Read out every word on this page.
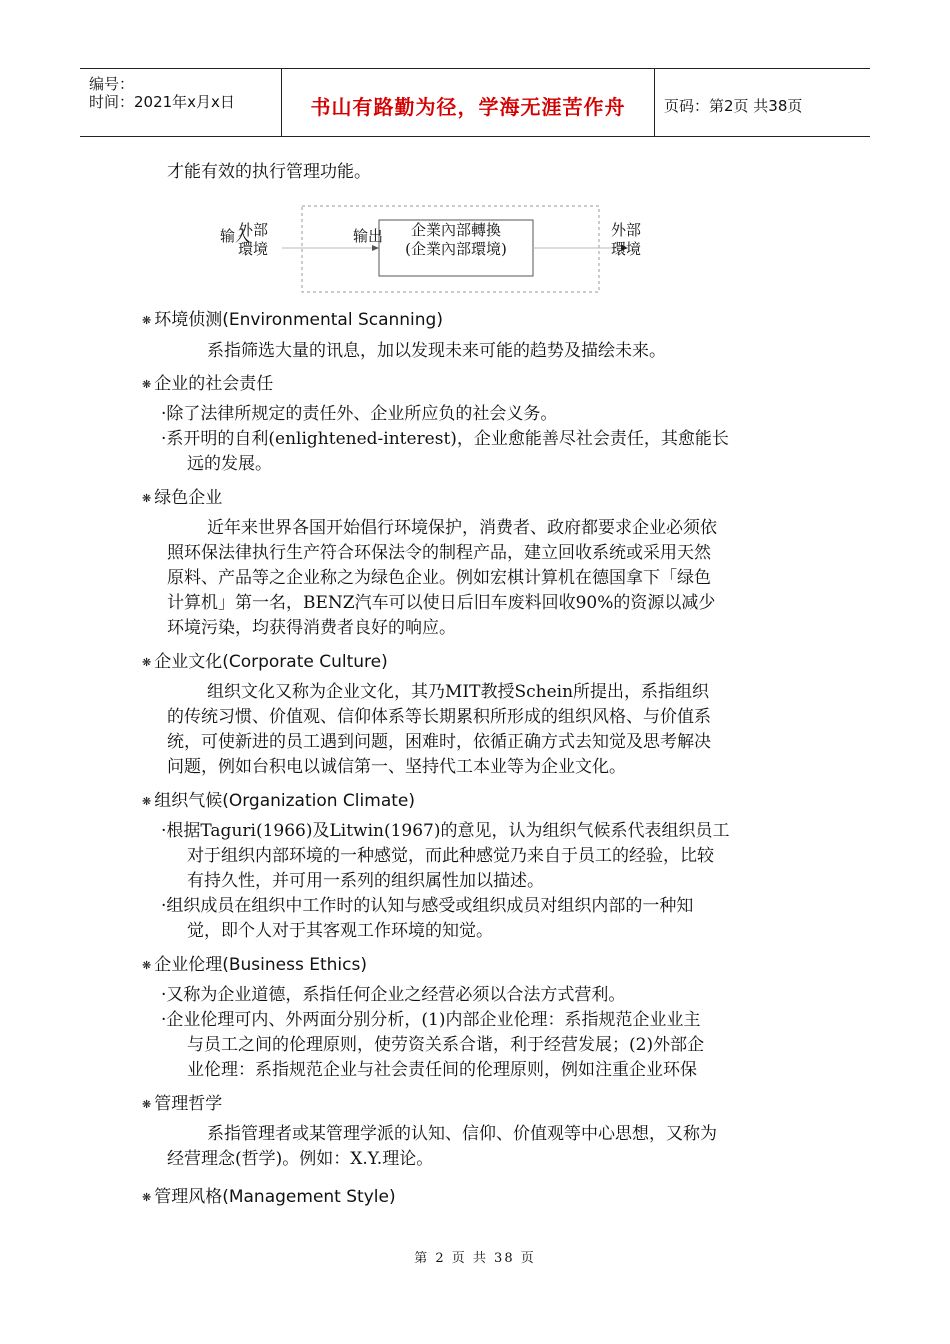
编号：
时间：2021年x月x日	书山有路勤为径，学海无涯苦作舟	页码：第2页 共38页
才能有效的执行管理功能。
输入
外部
環境
输出	企業內部轉換
(企業內部環境)
外部
環境
❋ 环境侦测(Environmental Scanning)
系指筛选大量的讯息，加以发现未来可能的趋势及描绘未来。
❋ 企业的社会责任
·除了法律所规定的责任外、企业所应负的社会义务。
·系开明的自利(enlightened-interest)，企业愈能善尽社会责任，其愈能长
远的发展。
❋ 绿色企业
近年来世界各国开始倡行环境保护，消费者、政府都要求企业必须依
照环保法律执行生产符合环保法令的制程产品，建立回收系统或采用天然
原料、产品等之企业称之为绿色企业。例如宏棋计算机在德国拿下「绿色
计算机」第一名，BENZ汽车可以使日后旧车废料回收90%的资源以减少
环境污染，均获得消费者良好的响应。
❋ 企业文化(Corporate Culture)
组织文化又称为企业文化，其乃MIT教授Schein所提出，系指组织
的传统习惯、价值观、信仰体系等长期累积所形成的组织风格、与价值系
统，可使新进的员工遇到问题，困难时，依循正确方式去知觉及思考解决
问题，例如台积电以诚信第一、坚持代工本业等为企业文化。
❋ 组织气候(Organization Climate)
·根据Taguri(1966)及Litwin(1967)的意见，认为组织气候系代表组织员工
对于组织内部环境的一种感觉，而此种感觉乃来自于员工的经验，比较
有持久性，并可用一系列的组织属性加以描述。
·组织成员在组织中工作时的认知与感受或组织成员对组织内部的一种知
觉，即个人对于其客观工作环境的知觉。
❋ 企业伦理(Business Ethics)
·又称为企业道德，系指任何企业之经营必须以合法方式营利。
·企业伦理可内、外两面分别分析，(1)内部企业伦理：系指规范企业业主
与员工之间的伦理原则，使劳资关系合谐，利于经营发展；(2)外部企
业伦理：系指规范企业与社会责任间的伦理原则，例如注重企业环保
❋ 管理哲学
系指管理者或某管理学派的认知、信仰、价值观等中心思想，又称为
经营理念(哲学)。例如：X.Y.理论。
❋ 管理风格(Management Style)
第 2 页 共 38 页
